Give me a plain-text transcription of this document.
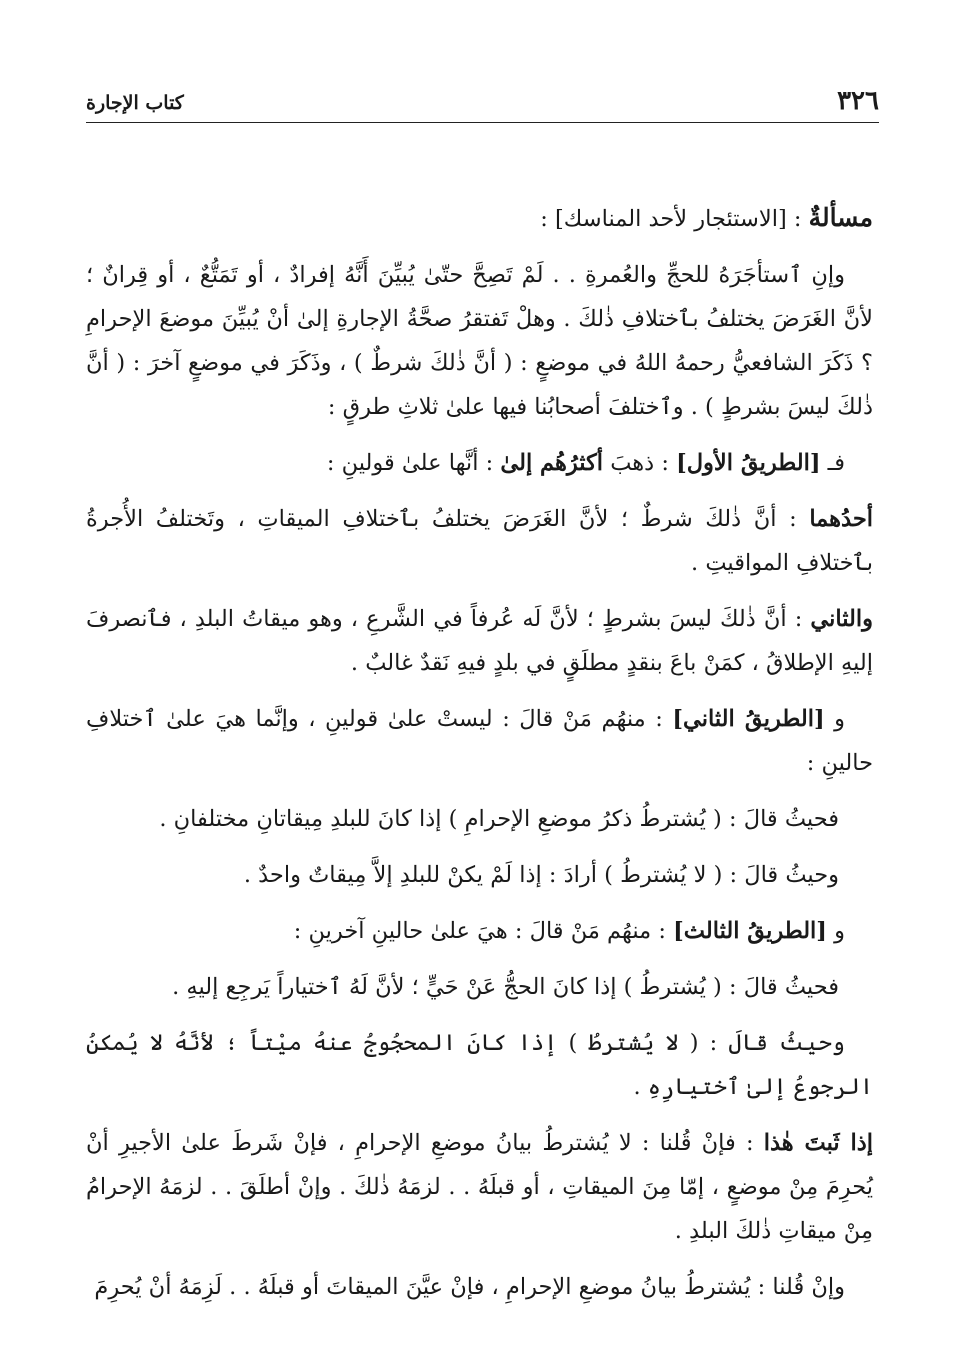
٣٢٦
كتاب الإجارة

مسألةٌ : [الاستئجار لأحد المناسك] :

وإنِ ٱستأجَرَهُ للحجِّ والعُمرةِ . . لَمْ تَصِحَّ حتّىٰ يُبيِّنَ أَنَّهُ إفرادٌ ، أو تَمَتُّعٌ ، أو قِرانٌ ؛ لأنَّ الغَرَضَ يختلفُ بٱختلافِ ذٰلكَ . وهلْ تَفتقرُ صحَّةُ الإجارةِ إلىٰ أنْ يُبيِّنَ موضعَ الإحرامِ ؟ ذَكَرَ الشافعيُّ رحمهُ اللهُ في موضعٍ : ( أنَّ ذٰلكَ شرطٌ ) ، وذَكَرَ في موضعٍ آخرَ : ( أنَّ ذٰلكَ ليسَ بشرطٍ ) . وٱختلفَ أصحابُنا فيها علىٰ ثلاثِ طرقٍ :

فـ [الطريقُ الأول] : ذهبَ أكثرُهُم إلىٰ : أنَّها علىٰ قولينِ :

أحدُهما : أنَّ ذٰلكَ شرطٌ ؛ لأنَّ الغَرَضَ يختلفُ بٱختلافِ الميقاتِ ، وتَختلفُ الأُجرةُ بٱختلافِ المواقيتِ .

والثاني : أنَّ ذٰلكَ ليسَ بشرطٍ ؛ لأنَّ لَه عُرفاً في الشَّرعِ ، وهو ميقاتُ البلدِ ، فٱنصرفَ إليهِ الإطلاقُ ، كمَنْ باعَ بنقدٍ مطلَقٍ في بلدٍ فيهِ نَقدٌ غالبٌ .

و [الطريقُ الثاني] : منهُم مَنْ قالَ : ليستْ علىٰ قولينِ ، وإنَّما هيَ علىٰ ٱختلافِ حالينِ :

فحيثُ قالَ : ( يُشترطُ ذكرُ موضعِ الإحرامِ ) إذا كانَ للبلدِ مِيقاتانِ مختلفانِ .

وحيثُ قالَ : ( لا يُشترطُ ) أرادَ : إذا لَمْ يكنْ للبلدِ إلاَّ مِيقاتٌ واحدٌ .

و [الطريقُ الثالث] : منهُم مَنْ قالَ : هيَ علىٰ حالينِ آخرينِ :

فحيثُ قالَ : ( يُشترطُ ) إذا كانَ الحجُّ عَنْ حَيٍّ ؛ لأنَّ لَهُ ٱختياراً يَرجِع إليهِ .

وحيثُ قالَ : ( لا يُشترطُ ) إذا كانَ المحجُوجُ عنهُ ميْتاً ؛ لأنَّهُ لا يُمكنُ الرجوعُ إلىٰ ٱختيارِهِ .

إذا ثَبتَ هٰذا : فإنْ قُلنا : لا يُشترطُ بيانُ موضعِ الإحرامِ ، فإنْ شَرطَ علىٰ الأجيرِ أنْ يُحرِمَ مِنْ موضعٍ ، إمّا مِنَ الميقاتِ ، أو قبلَهُ . . لزمَهُ ذٰلكَ . وإنْ أطلَقَ . . لزمَهُ الإحرامُ مِنْ ميقاتِ ذٰلكَ البلدِ .

وإنْ قُلنا : يُشترطُ بيانُ موضعِ الإحرامِ ، فإنْ عيَّنَ الميقاتَ أو قبلَهُ . . لَزِمَهُ أنْ يُحرِمَ
